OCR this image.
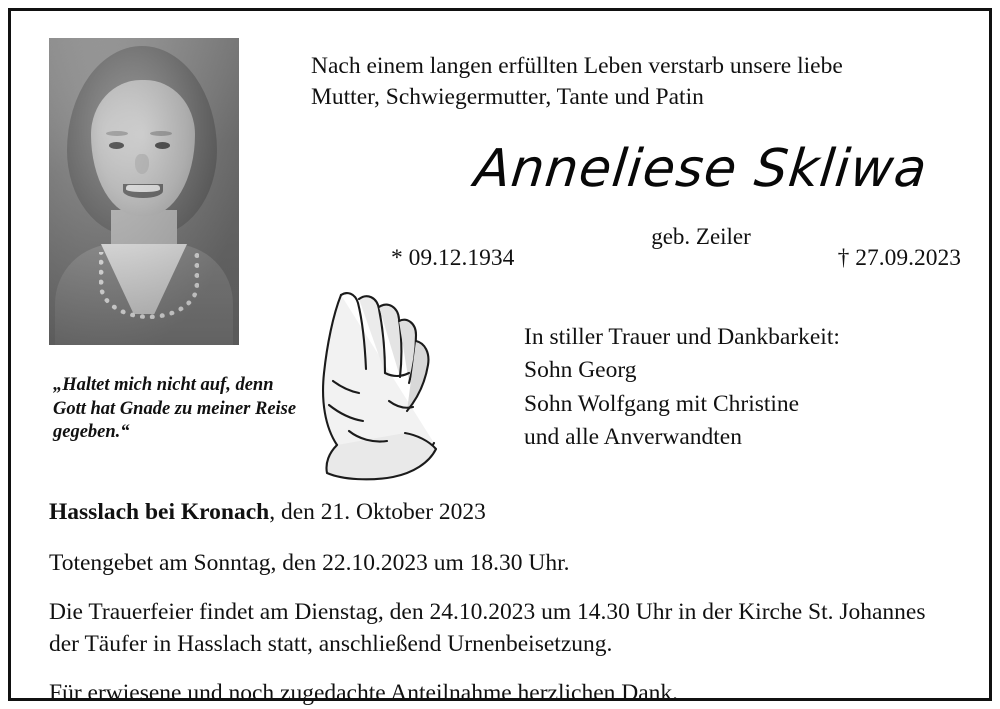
„Haltet mich nicht auf, denn Gott hat Gnade zu meiner Reise gegeben.“
Nach einem langen erfüllten Leben verstarb unsere liebe
Mutter, Schwiegermutter, Tante und Patin
Anneliese Skliwa
geb. Zeiler
* 09.12.1934	† 27.09.2023
In stiller Trauer und Dankbarkeit:
Sohn Georg
Sohn Wolfgang mit Christine
und alle Anverwandten
Hasslach bei Kronach, den 21. Oktober 2023

Totengebet am Sonntag, den 22.10.2023 um 18.30 Uhr.

Die Trauerfeier findet am Dienstag, den 24.10.2023 um 14.30 Uhr in der Kirche St. Johannes der Täufer in Hasslach statt, anschließend Urnenbeisetzung.

Für erwiesene und noch zugedachte Anteilnahme herzlichen Dank.
